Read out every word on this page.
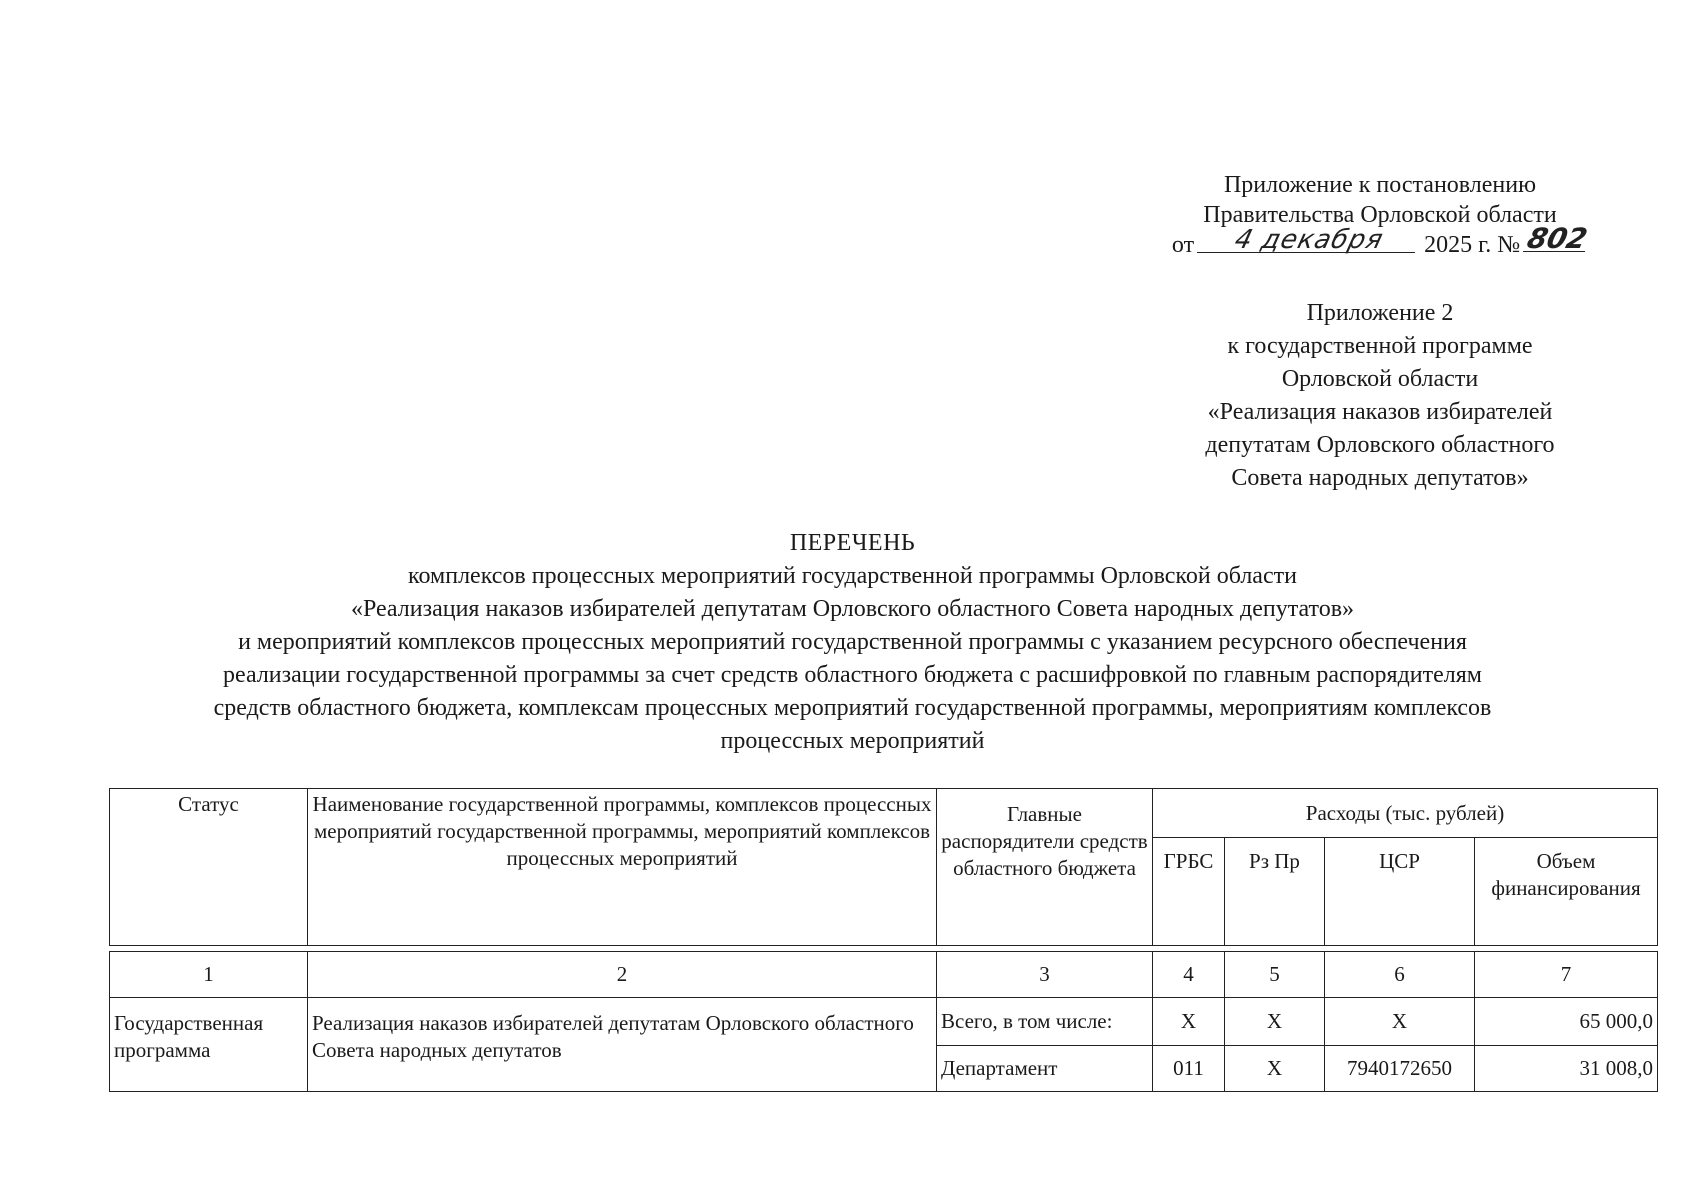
Приложение к постановлению
Правительства Орловской области
от	4 декабря	2025 г. № 802
Приложение 2
к государственной программе
Орловской области
«Реализация наказов избирателей
депутатам Орловского областного
Совета народных депутатов»
ПЕРЕЧЕНЬ
комплексов процессных мероприятий государственной программы Орловской области
«Реализация наказов избирателей депутатам Орловского областного Совета народных депутатов»
и мероприятий комплексов процессных мероприятий государственной программы с указанием ресурсного обеспечения
реализации государственной программы за счет средств областного бюджета с расшифровкой по главным распорядителям
средств областного бюджета, комплексам процессных мероприятий государственной программы, мероприятиям комплексов
процессных мероприятий
Статус	Наименование государственной программы, комплексов процессных мероприятий государственной программы, мероприятий комплексов процессных мероприятий	Главные распорядители средств областного бюджета	Расходы (тыс. рублей)			
			ГРБС	Рз Пр	ЦСР	Объем финансирования

1	2	3	4	5	6	7
Государственная программа	Реализация наказов избирателей депутатам Орловского областного Совета народных депутатов	Всего, в том числе:	Х	Х	Х	65 000,0
		Департамент	011	Х	7940172650	31 008,0
